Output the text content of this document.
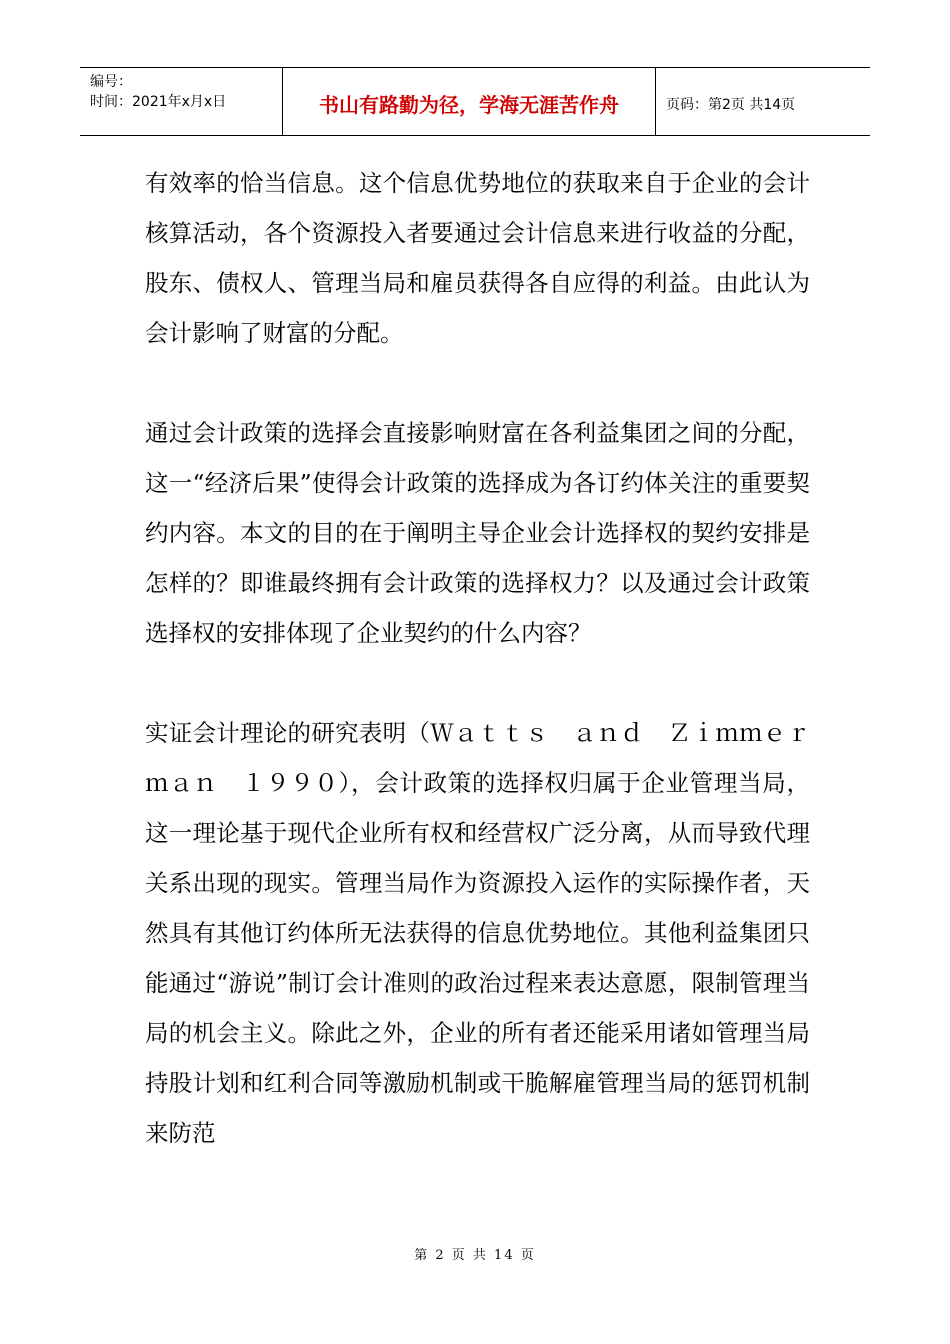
编号：
时间：2021年x月x日	书山有路勤为径，学海无涯苦作舟	页码：第2页 共14页

有效率的恰当信息。这个信息优势地位的获取来自于企业的会计核算活动，各个资源投入者要通过会计信息来进行收益的分配，股东、债权人、管理当局和雇员获得各自应得的利益。由此认为会计影响了财富的分配。

通过会计政策的选择会直接影响财富在各利益集团之间的分配，这一“经济后果”使得会计政策的选择成为各订约体关注的重要契约内容。本文的目的在于阐明主导企业会计选择权的契约安排是怎样的？即谁最终拥有会计政策的选择权力？以及通过会计政策选择权的安排体现了企业契约的什么内容？

实证会计理论的研究表明（Ｗａｔｔｓ　ａｎｄ　Ｚｉｍｍｅｒｍａｎ　１９９０），会计政策的选择权归属于企业管理当局，这一理论基于现代企业所有权和经营权广泛分离，从而导致代理关系出现的现实。管理当局作为资源投入运作的实际操作者，天然具有其他订约体所无法获得的信息优势地位。其他利益集团只能通过“游说”制订会计准则的政治过程来表达意愿，限制管理当局的机会主义。除此之外，企业的所有者还能采用诸如管理当局持股计划和红利合同等激励机制或干脆解雇管理当局的惩罚机制来防范

第 2 页 共 14 页
